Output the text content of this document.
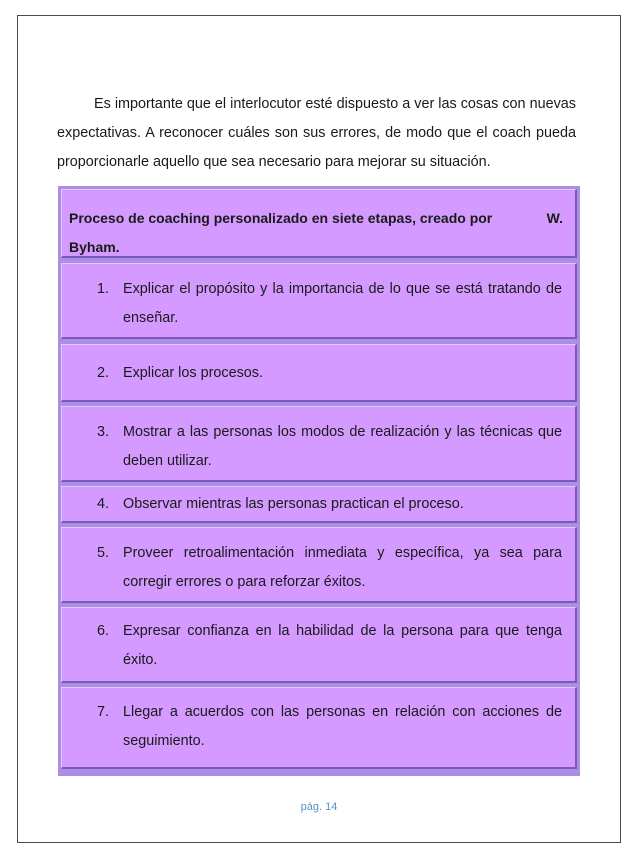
Es importante que el interlocutor esté dispuesto a ver las cosas con nuevas expectativas. A reconocer cuáles son sus errores, de modo que el coach pueda proporcionarle aquello que sea necesario para mejorar su situación.

Proceso de coaching personalizado en siete etapas, creado por	W.
Byham.
1. Explicar el propósito y la importancia de lo que se está tratando de enseñar.
2. Explicar los procesos.
3. Mostrar a las personas los modos de realización y las técnicas que deben utilizar.
4. Observar mientras las personas practican el proceso.
5. Proveer retroalimentación inmediata y específica, ya sea para corregir errores o para reforzar éxitos.
6. Expresar confianza en la habilidad de la persona para que tenga éxito.
7. Llegar a acuerdos con las personas en relación con acciones de seguimiento.
pág. 14
